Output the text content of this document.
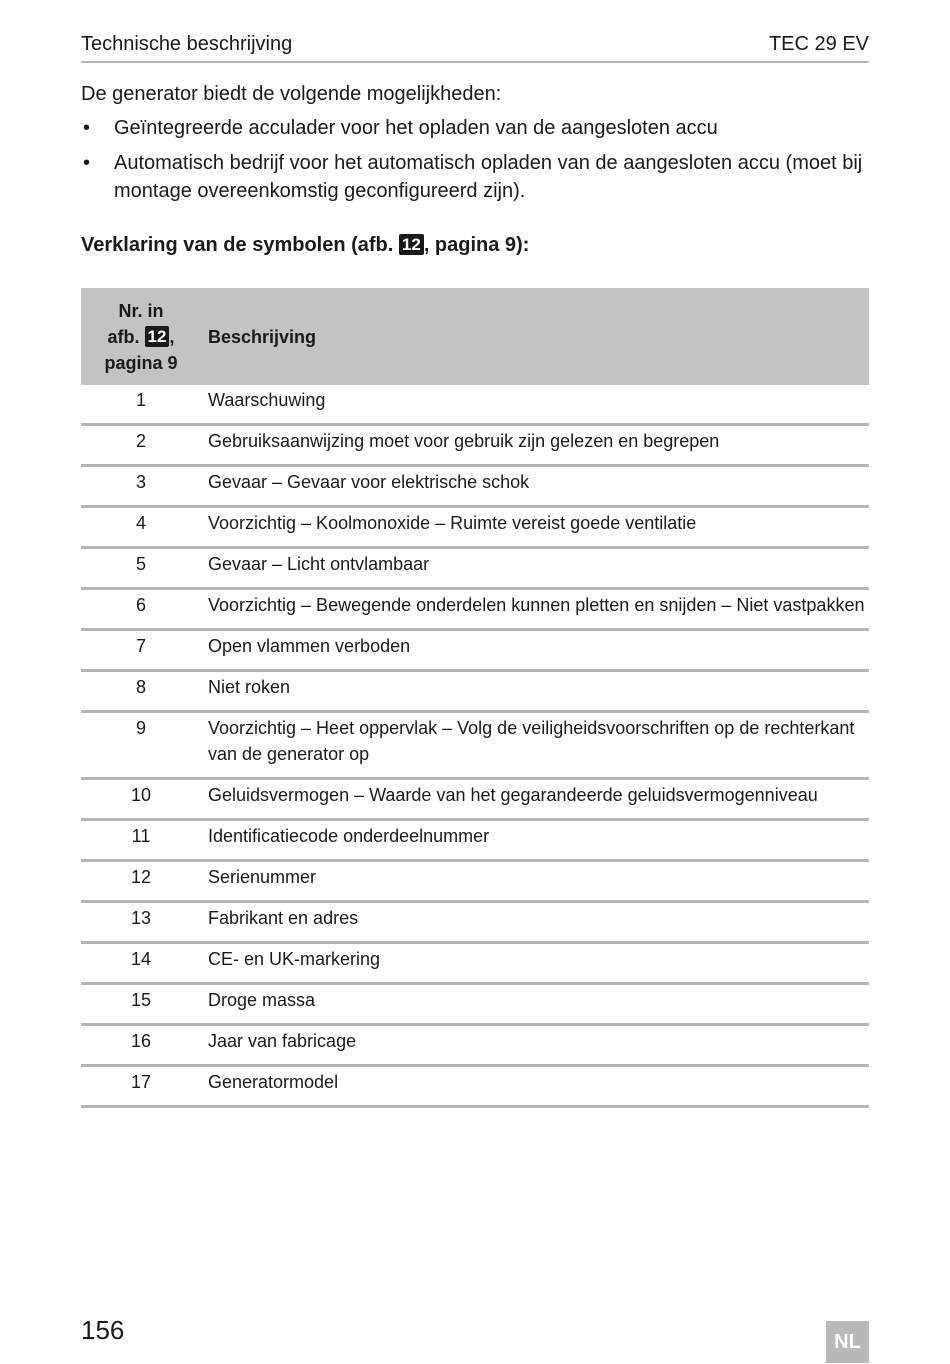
Technische beschrijving	TEC 29 EV

De generator biedt de volgende mogelijkheden:

• Geïntegreerde acculader voor het opladen van de aangesloten accu
• Automatisch bedrijf voor het automatisch opladen van de aangesloten accu (moet bij montage overeenkomstig geconfigureerd zijn).

Verklaring van de symbolen (afb. 12 , pagina 9):

Nr. in
afb. 12 ,
pagina 9	Beschrijving
1	Waarschuwing
2	Gebruiksaanwijzing moet voor gebruik zijn gelezen en begrepen
3	Gevaar – Gevaar voor elektrische schok
4	Voorzichtig – Koolmonoxide – Ruimte vereist goede ventilatie
5	Gevaar – Licht ontvlambaar
6	Voorzichtig – Bewegende onderdelen kunnen pletten en snijden – Niet vastpakken
7	Open vlammen verboden
8	Niet roken
9	Voorzichtig – Heet oppervlak – Volg de veiligheidsvoorschriften op de rechterkant van de generator op
10	Geluidsvermogen – Waarde van het gegarandeerde geluidsvermogenniveau
11	Identificatiecode onderdeelnummer
12	Serienummer
13	Fabrikant en adres
14	CE- en UK-markering
15	Droge massa
16	Jaar van fabricage
17	Generatormodel
156	NL
